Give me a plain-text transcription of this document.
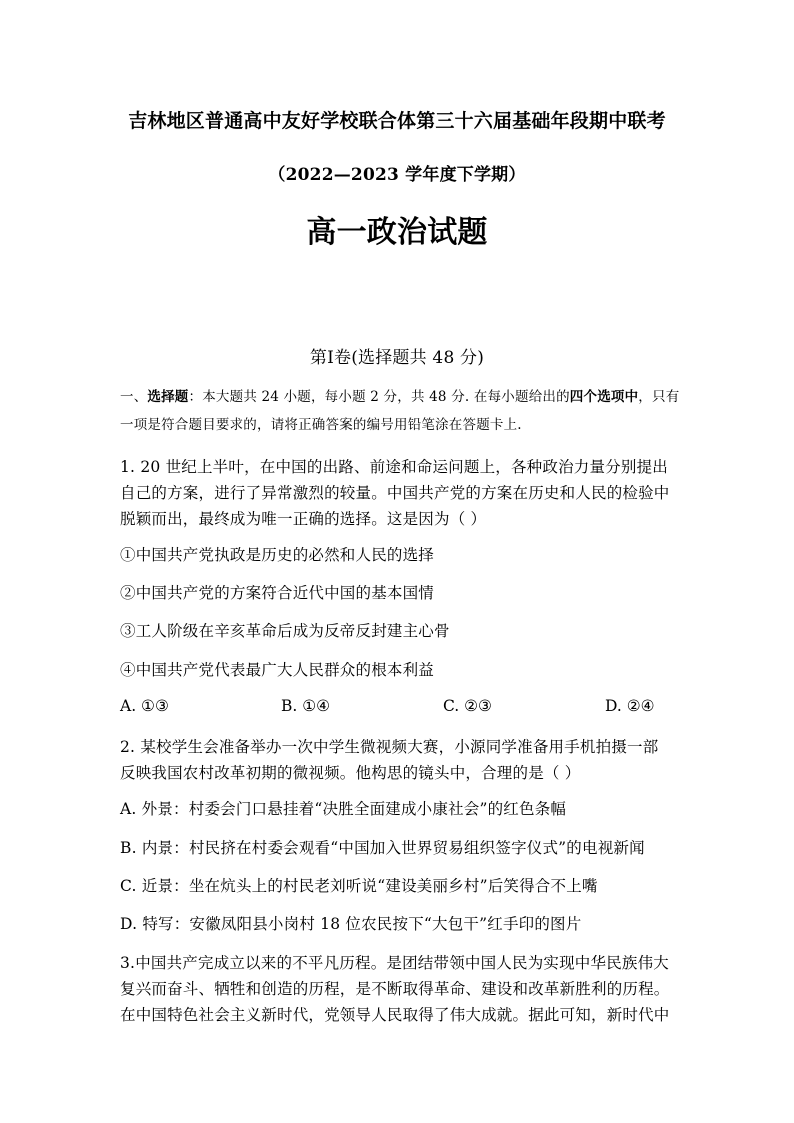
吉林地区普通高中友好学校联合体第三十六届基础年段期中联考
（2022—2023 学年度下学期）
高一政治试题
第Ⅰ卷(选择题共 48 分)
一、选择题：本大题共 24 小题，每小题 2 分，共 48 分. 在每小题给出的四个选项中，只有
一项是符合题目要求的，请将正确答案的编号用铅笔涂在答题卡上.
1. 20 世纪上半叶，在中国的出路、前途和命运问题上，各种政治力量分别提出
自己的方案，进行了异常激烈的较量。中国共产党的方案在历史和人民的检验中
脱颖而出，最终成为唯一正确的选择。这是因为（ ）
①中国共产党执政是历史的必然和人民的选择
②中国共产党的方案符合近代中国的基本国情
③工人阶级在辛亥革命后成为反帝反封建主心骨
④中国共产党代表最广大人民群众的根本利益
A. ①③	B. ①④	C. ②③	D. ②④
2. 某校学生会准备举办一次中学生微视频大赛，小源同学准备用手机拍摄一部
反映我国农村改革初期的微视频。他构思的镜头中，合理的是（ ）
A. 外景：村委会门口悬挂着“决胜全面建成小康社会”的红色条幅
B. 内景：村民挤在村委会观看“中国加入世界贸易组织签字仪式”的电视新闻
C. 近景：坐在炕头上的村民老刘听说“建设美丽乡村”后笑得合不上嘴
D. 特写：安徽凤阳县小岗村 18 位农民按下“大包干”红手印的图片
3.中国共产完成立以来的不平凡历程。是团结带领中国人民为实现中华民族伟大
复兴而奋斗、牺牲和创造的历程，是不断取得革命、建设和改革新胜利的历程。
在中国特色社会主义新时代，党领导人民取得了伟大成就。据此可知，新时代中
